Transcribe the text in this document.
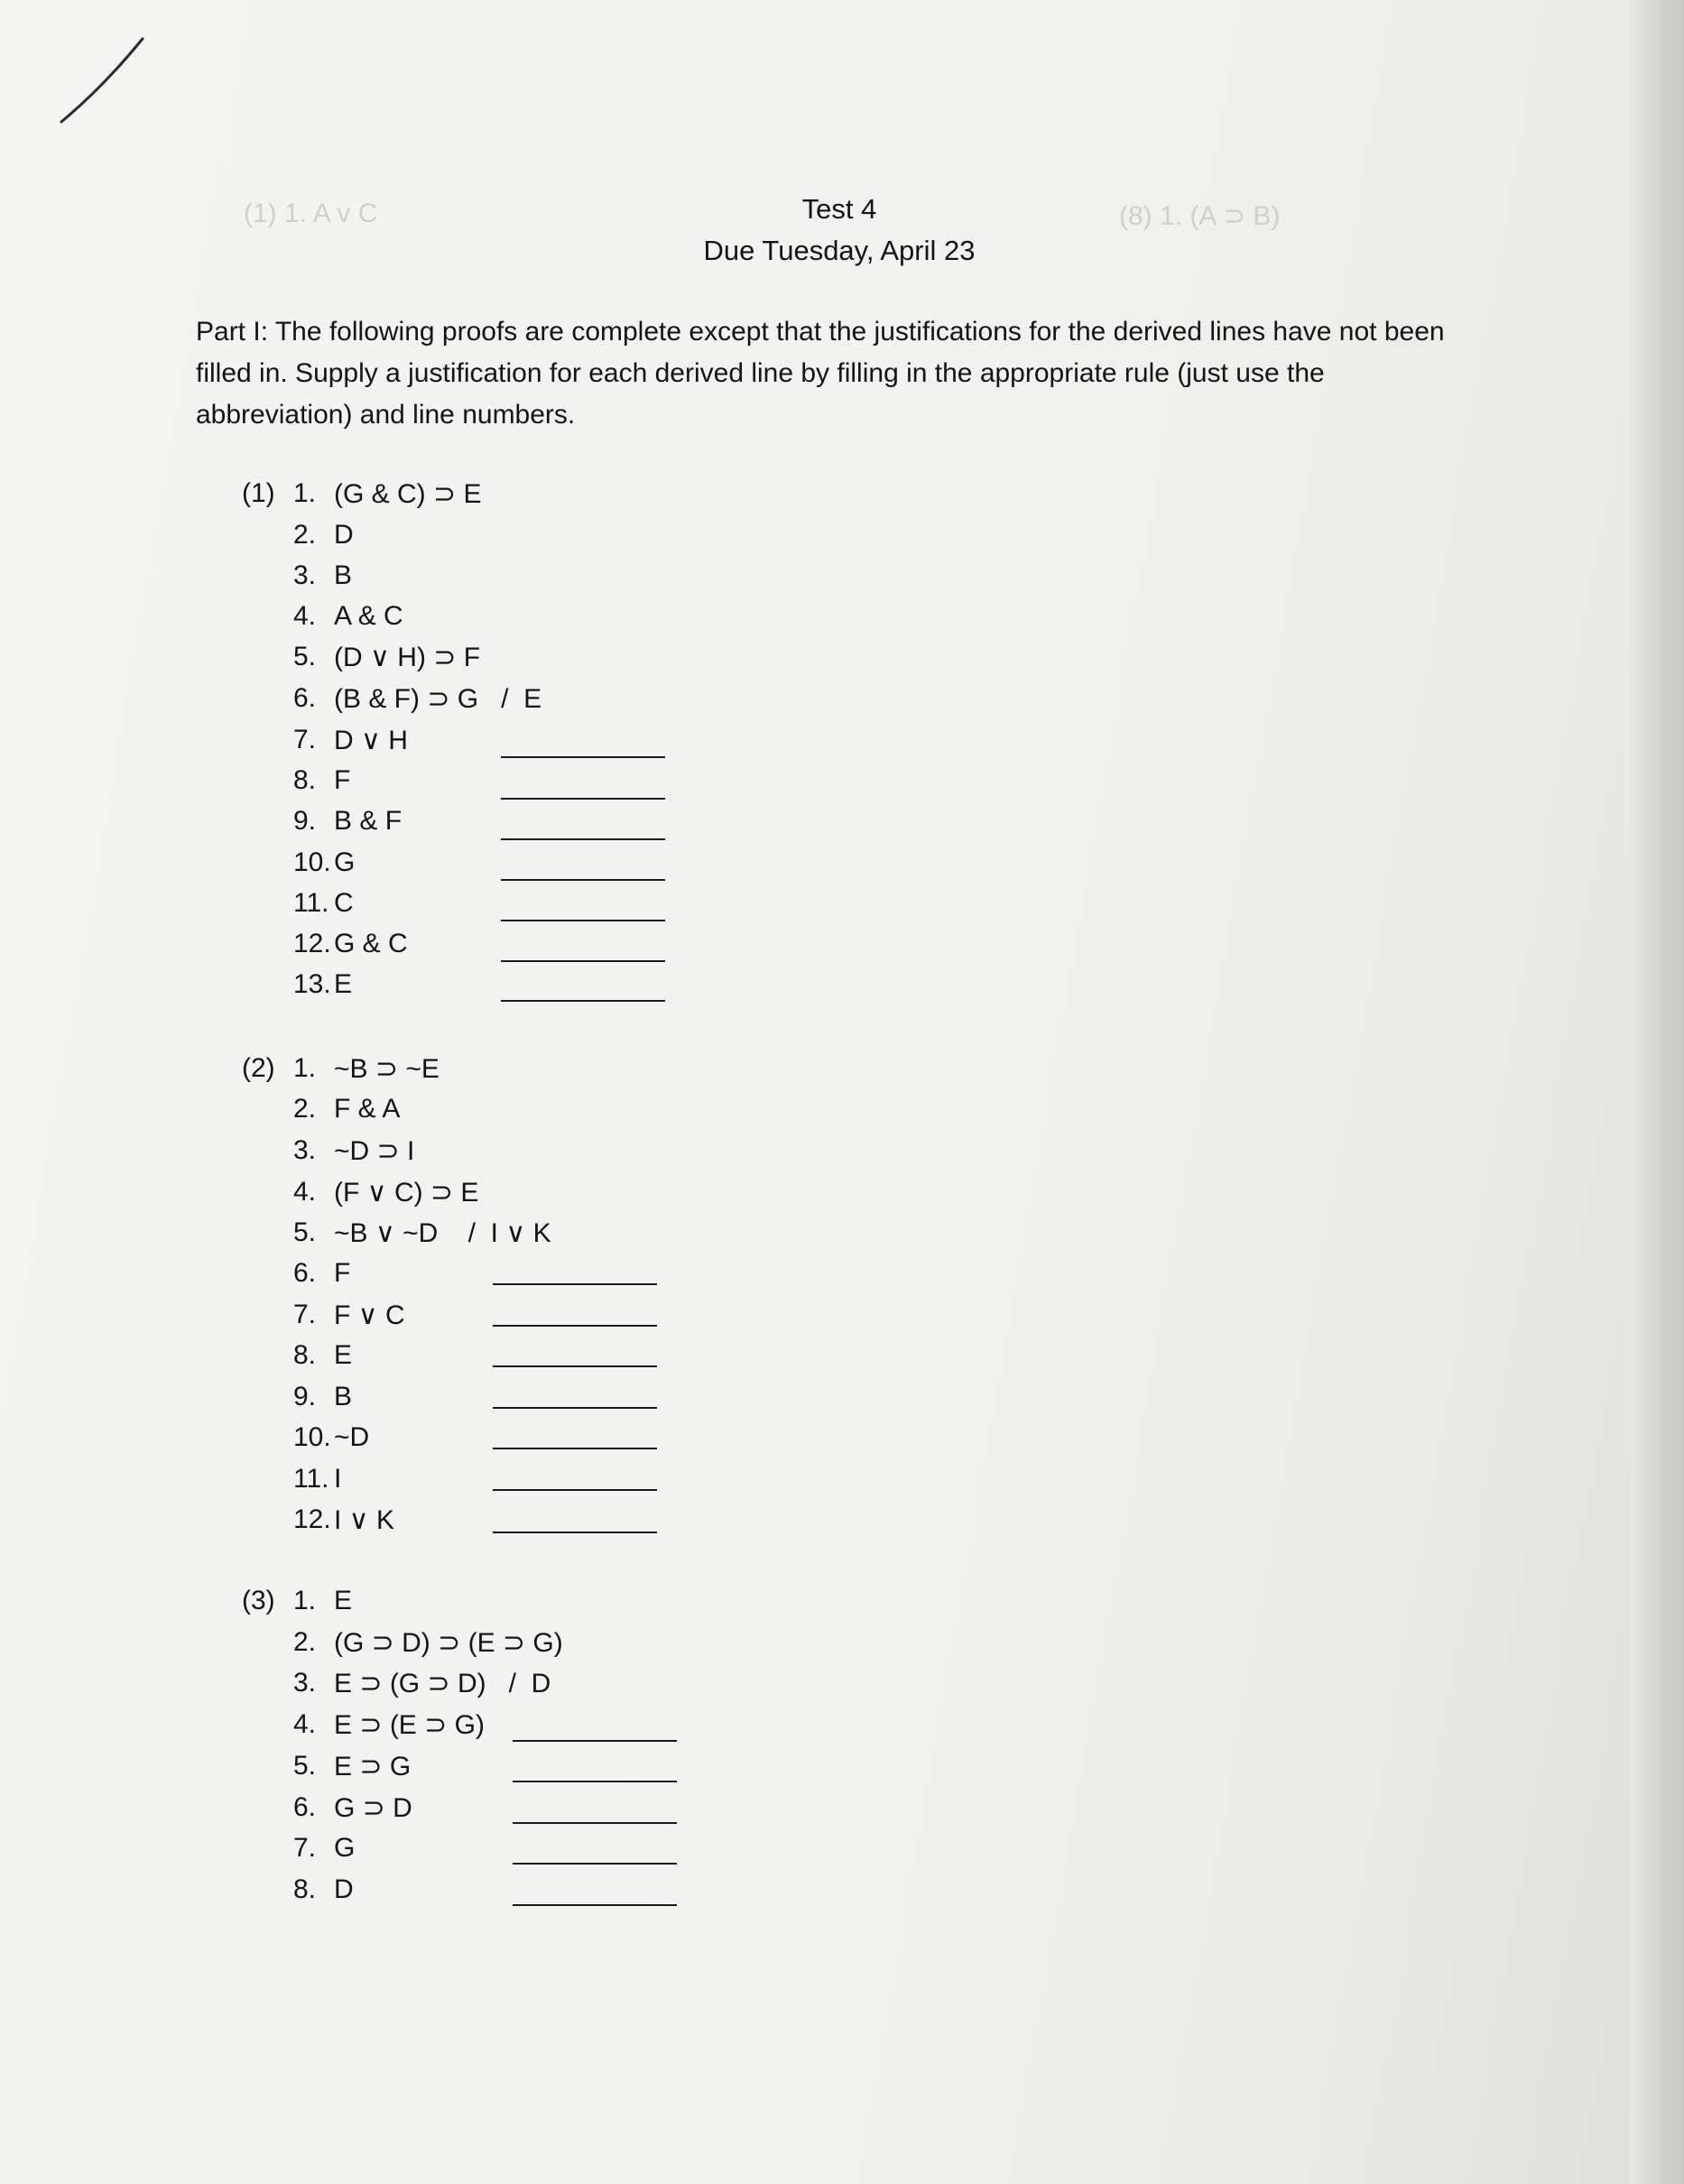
(1) 1. A v C	(8) 1. (A ⊃ B)
Test 4
Due Tuesday, April 23
Part I: The following proofs are complete except that the justifications for the derived lines have not been filled in. Supply a justification for each derived line by filling in the appropriate rule (just use the abbreviation) and line numbers.
(1) 1. (G & C) ⊃ E
2. D
3. B
4. A & C
5. (D ∨ H) ⊃ F
6. (B & F) ⊃ G   /  E
7. D ∨ H
8. F
9. B & F
10. G
11. C
12. G & C
13. E
(2) 1. ~B ⊃ ~E
2. F & A
3. ~D ⊃ I
4. (F ∨ C) ⊃ E
5. ~B ∨ ~D    /  I ∨ K
6. F
7. F ∨ C
8. E
9. B
10. ~D
11. I
12. I ∨ K
(3) 1. E
2. (G ⊃ D) ⊃ (E ⊃ G)
3. E ⊃ (G ⊃ D)   /  D
4. E ⊃ (E ⊃ G)
5. E ⊃ G
6. G ⊃ D
7. G
8. D
